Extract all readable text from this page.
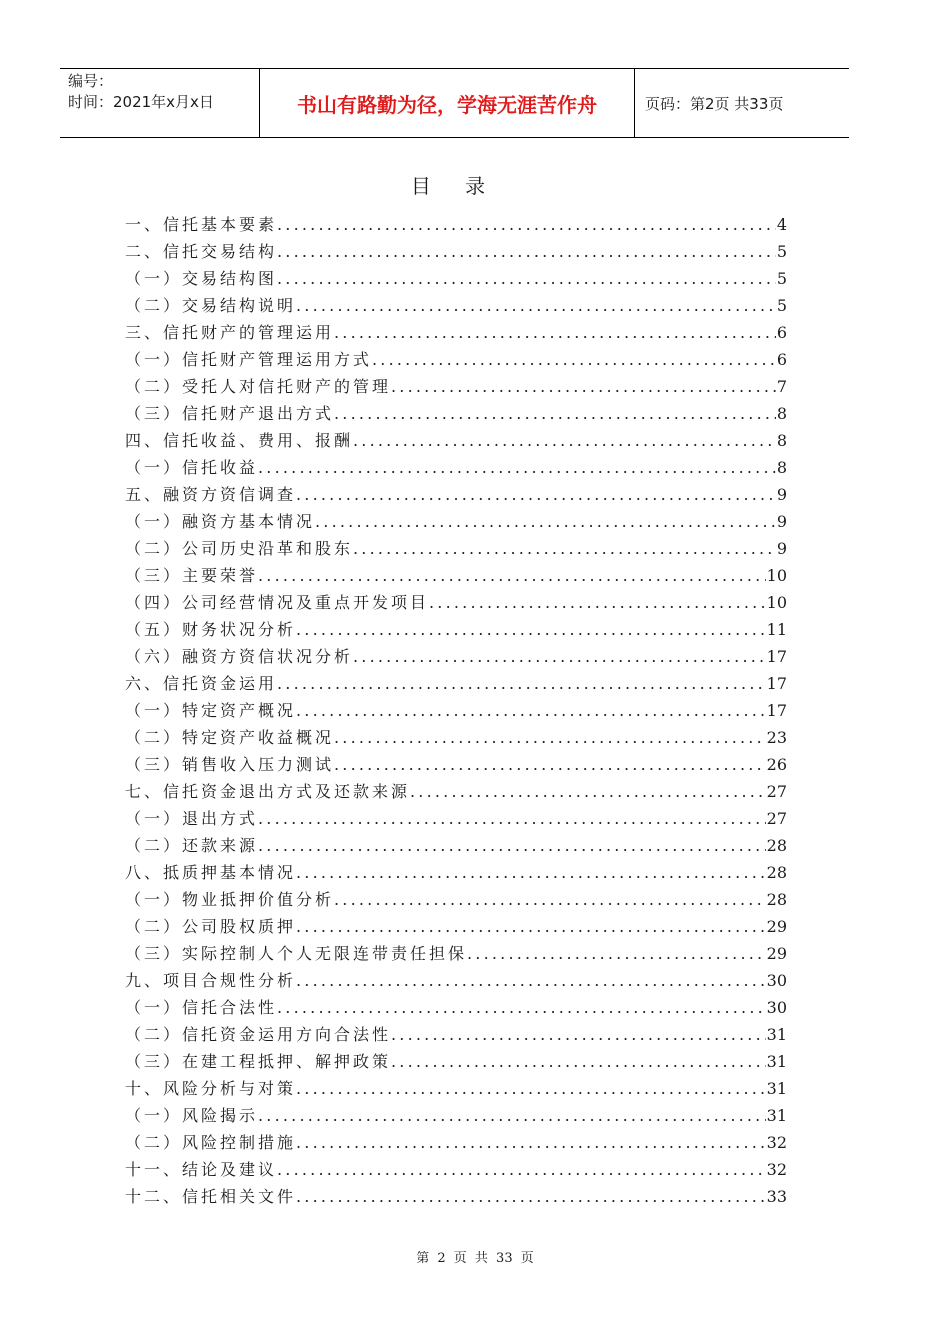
编号：
时间：2021年x月x日	书山有路勤为径，学海无涯苦作舟	页码：第2页 共33页
目 录
一、信托基本要素 .....	4
二、信托交易结构 .....	5
（一）交易结构图 .....	5
（二）交易结构说明 .....	5
三、信托财产的管理运用 .....	6
（一）信托财产管理运用方式 .....	6
（二）受托人对信托财产的管理 .....	7
（三）信托财产退出方式 .....	8
四、信托收益、费用、报酬 .....	8
（一）信托收益 .....	8
五、融资方资信调查 .....	9
（一）融资方基本情况 .....	9
（二）公司历史沿革和股东 .....	9
（三）主要荣誉 .....	10
（四）公司经营情况及重点开发项目 .....	10
（五）财务状况分析 .....	11
（六）融资方资信状况分析 .....	17
六、信托资金运用 .....	17
（一）特定资产概况 .....	17
（二）特定资产收益概况 .....	23
（三）销售收入压力测试 .....	26
七、信托资金退出方式及还款来源 .....	27
（一）退出方式 .....	27
（二）还款来源 .....	28
八、抵质押基本情况 .....	28
（一）物业抵押价值分析 .....	28
（二）公司股权质押 .....	29
（三）实际控制人个人无限连带责任担保 .....	29
九、项目合规性分析 .....	30
（一）信托合法性 .....	30
（二）信托资金运用方向合法性 .....	31
（三）在建工程抵押、解押政策 .....	31
十、风险分析与对策 .....	31
（一）风险揭示 .....	31
（二）风险控制措施 .....	32
十一、结论及建议 .....	32
十二、信托相关文件 .....	33
第 2 页 共 33 页
